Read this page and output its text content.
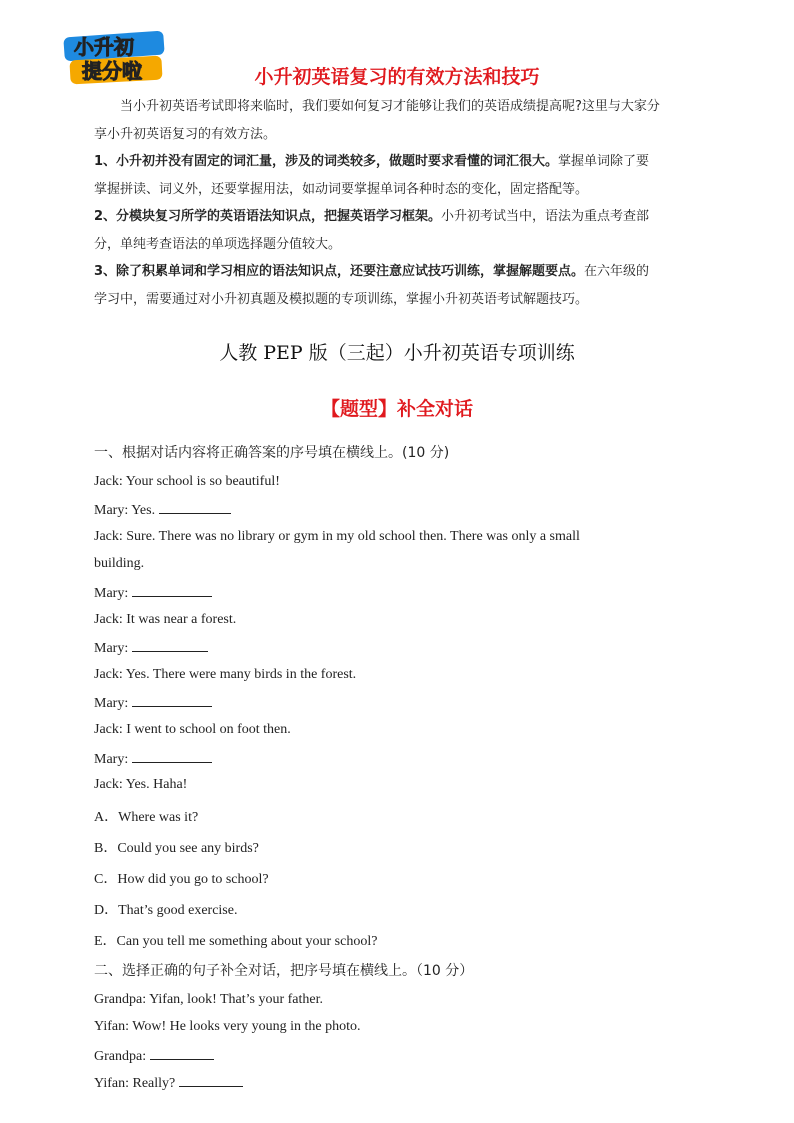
小升初
提分啦	小升初英语复习的有效方法和技巧
当小升初英语考试即将来临时，我们要如何复习才能够让我们的英语成绩提高呢?这里与大家分
享小升初英语复习的有效方法。
1、小升初并没有固定的词汇量，涉及的词类较多，做题时要求看懂的词汇很大。掌握单词除了要
掌握拼读、词义外，还要掌握用法，如动词要掌握单词各种时态的变化，固定搭配等。
2、分模块复习所学的英语语法知识点，把握英语学习框架。小升初考试当中，语法为重点考查部
分，单纯考查语法的单项选择题分值较大。
3、除了积累单词和学习相应的语法知识点，还要注意应试技巧训练，掌握解题要点。在六年级的
学习中，需要通过对小升初真题及模拟题的专项训练，掌握小升初英语考试解题技巧。
人教 PEP 版（三起）小升初英语专项训练
【题型】补全对话
一、根据对话内容将正确答案的序号填在横线上。(10 分)
Jack: Your school is so beautiful!
Mary: Yes.
Jack: Sure. There was no library or gym in my old school then. There was only a small
building.
Mary:
Jack: It was near a forest.
Mary:
Jack: Yes. There were many birds in the forest.
Mary:
Jack: I went to school on foot then.
Mary:
Jack: Yes. Haha!
A．Where was it?
B．Could you see any birds?
C．How did you go to school?
D．That’s good exercise.
E．Can you tell me something about your school?
二、选择正确的句子补全对话，把序号填在横线上。（10 分）
Grandpa: Yifan, look! That’s your father.
Yifan: Wow! He looks very young in the photo.
Grandpa:
Yifan: Really?
